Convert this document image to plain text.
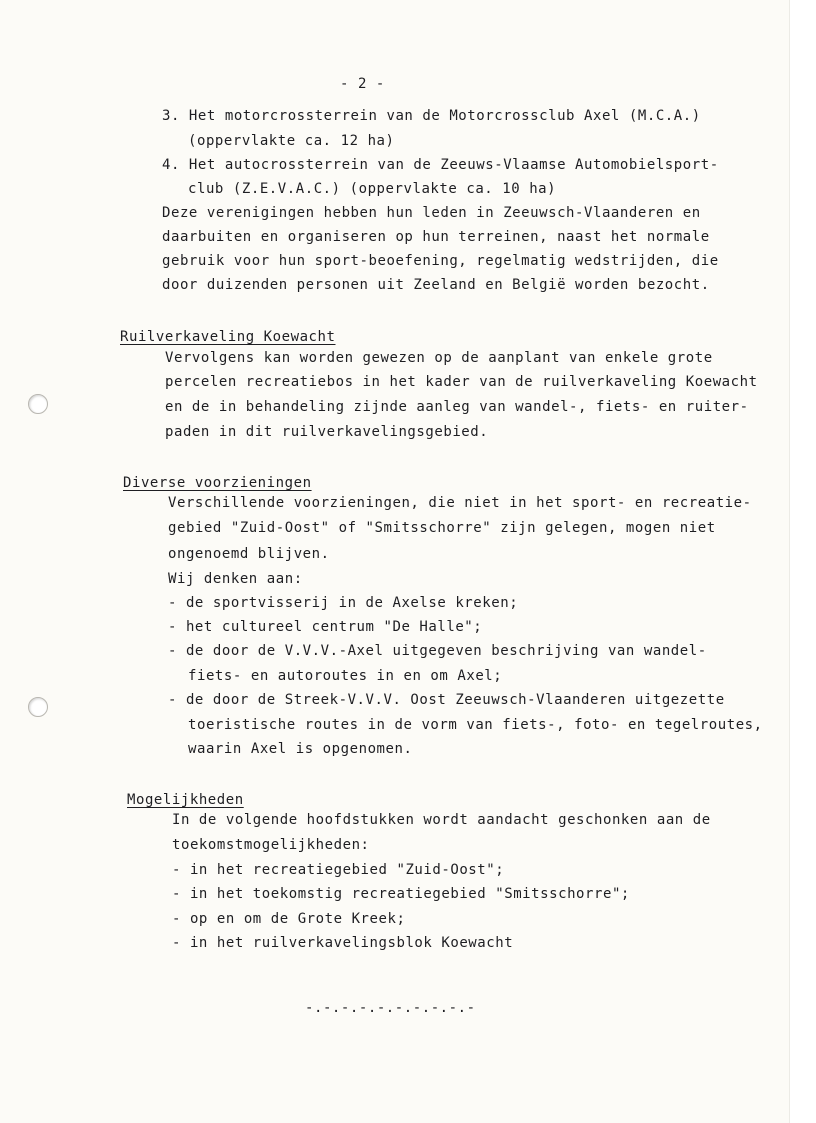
- 2 -
3. Het motorcrossterrein van de Motorcrossclub Axel (M.C.A.)
(oppervlakte ca. 12 ha)
4. Het autocrossterrein van de Zeeuws-Vlaamse Automobielsport-
club (Z.E.V.A.C.) (oppervlakte ca. 10 ha)
Deze verenigingen hebben hun leden in Zeeuwsch-Vlaanderen en
daarbuiten en organiseren op hun terreinen, naast het normale
gebruik voor hun sport-beoefening, regelmatig wedstrijden, die
door duizenden personen uit Zeeland en België worden bezocht.
Ruilverkaveling Koewacht
Vervolgens kan worden gewezen op de aanplant van enkele grote
percelen recreatiebos in het kader van de ruilverkaveling Koewacht
en de in behandeling zijnde aanleg van wandel-, fiets- en ruiter-
paden in dit ruilverkavelingsgebied.
Diverse voorzieningen
Verschillende voorzieningen, die niet in het sport- en recreatie-
gebied "Zuid-Oost" of "Smitsschorre" zijn gelegen, mogen niet
ongenoemd blijven.
Wij denken aan:
- de sportvisserij in de Axelse kreken;
- het cultureel centrum "De Halle";
- de door de V.V.V.-Axel uitgegeven beschrijving van wandel-
fiets- en autoroutes in en om Axel;
- de door de Streek-V.V.V. Oost Zeeuwsch-Vlaanderen uitgezette
toeristische routes in de vorm van fiets-, foto- en tegelroutes,
waarin Axel is opgenomen.
Mogelijkheden
In de volgende hoofdstukken wordt aandacht geschonken aan de
toekomstmogelijkheden:
- in het recreatiegebied "Zuid-Oost";
- in het toekomstig recreatiegebied "Smitsschorre";
- op en om de Grote Kreek;
- in het ruilverkavelingsblok Koewacht
-.-.-.-.-.-.-.-.-.-
